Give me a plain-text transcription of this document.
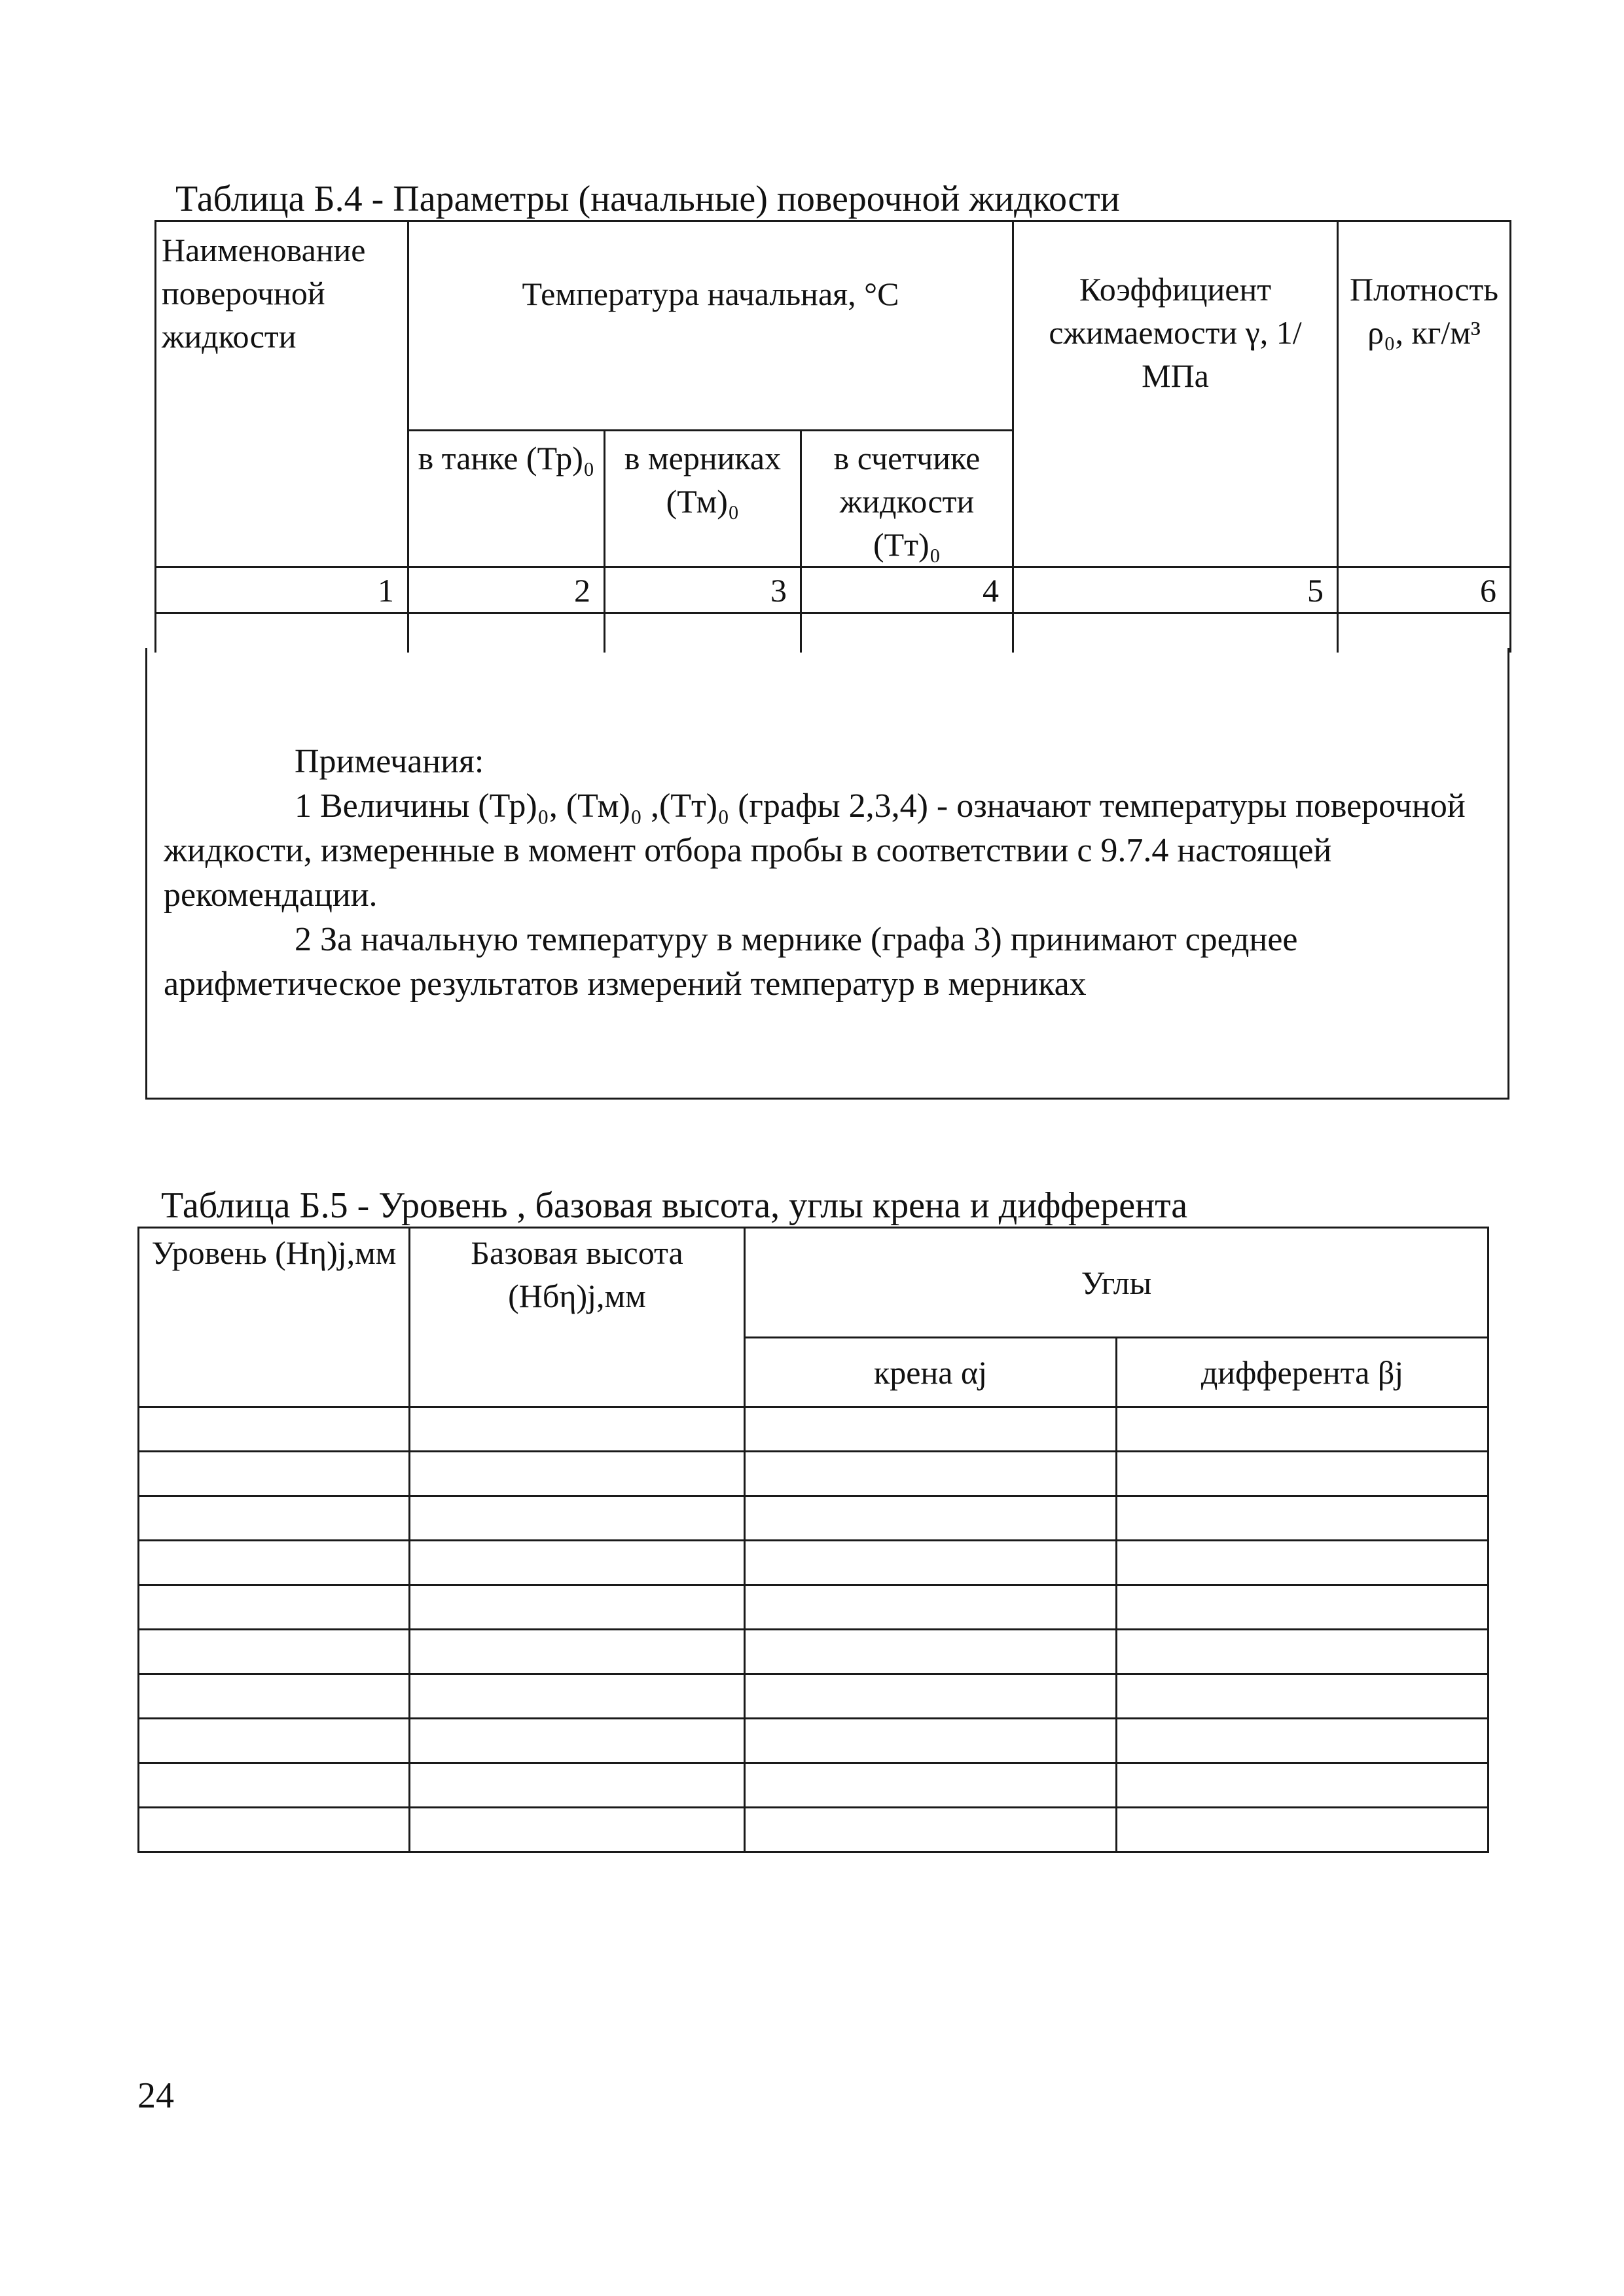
Таблица Б.4 - Параметры (начальные) поверочной жидкости
Наименование поверочной жидкости	Температура начальная, °С			Коэффициент сжимаемости γ, 1/МПа	Плотность ρ₀, кг/м³
	в танке (Тр)₀	в мерниках (Тм)₀	в счетчике жидкости (Тт)₀		
1	2	3	4	5	6

Примечания:

1 Величины (Тр)₀, (Тм)₀ ,(Тт)₀ (графы 2,3,4) - означают температуры поверочной жидкости, измеренные в момент отбора пробы в соответствии с 9.7.4 настоящей рекомендации.

2 За начальную температуру в мернике (графа 3) принимают среднее арифметическое результатов измерений температур в мерниках

Таблица Б.5 - Уровень , базовая высота, углы крена и дифферента
Уровень (Hη)j,мм	Базовая высота (Hбη)j,мм	Углы	
		крена αj	дифферента βj

24
